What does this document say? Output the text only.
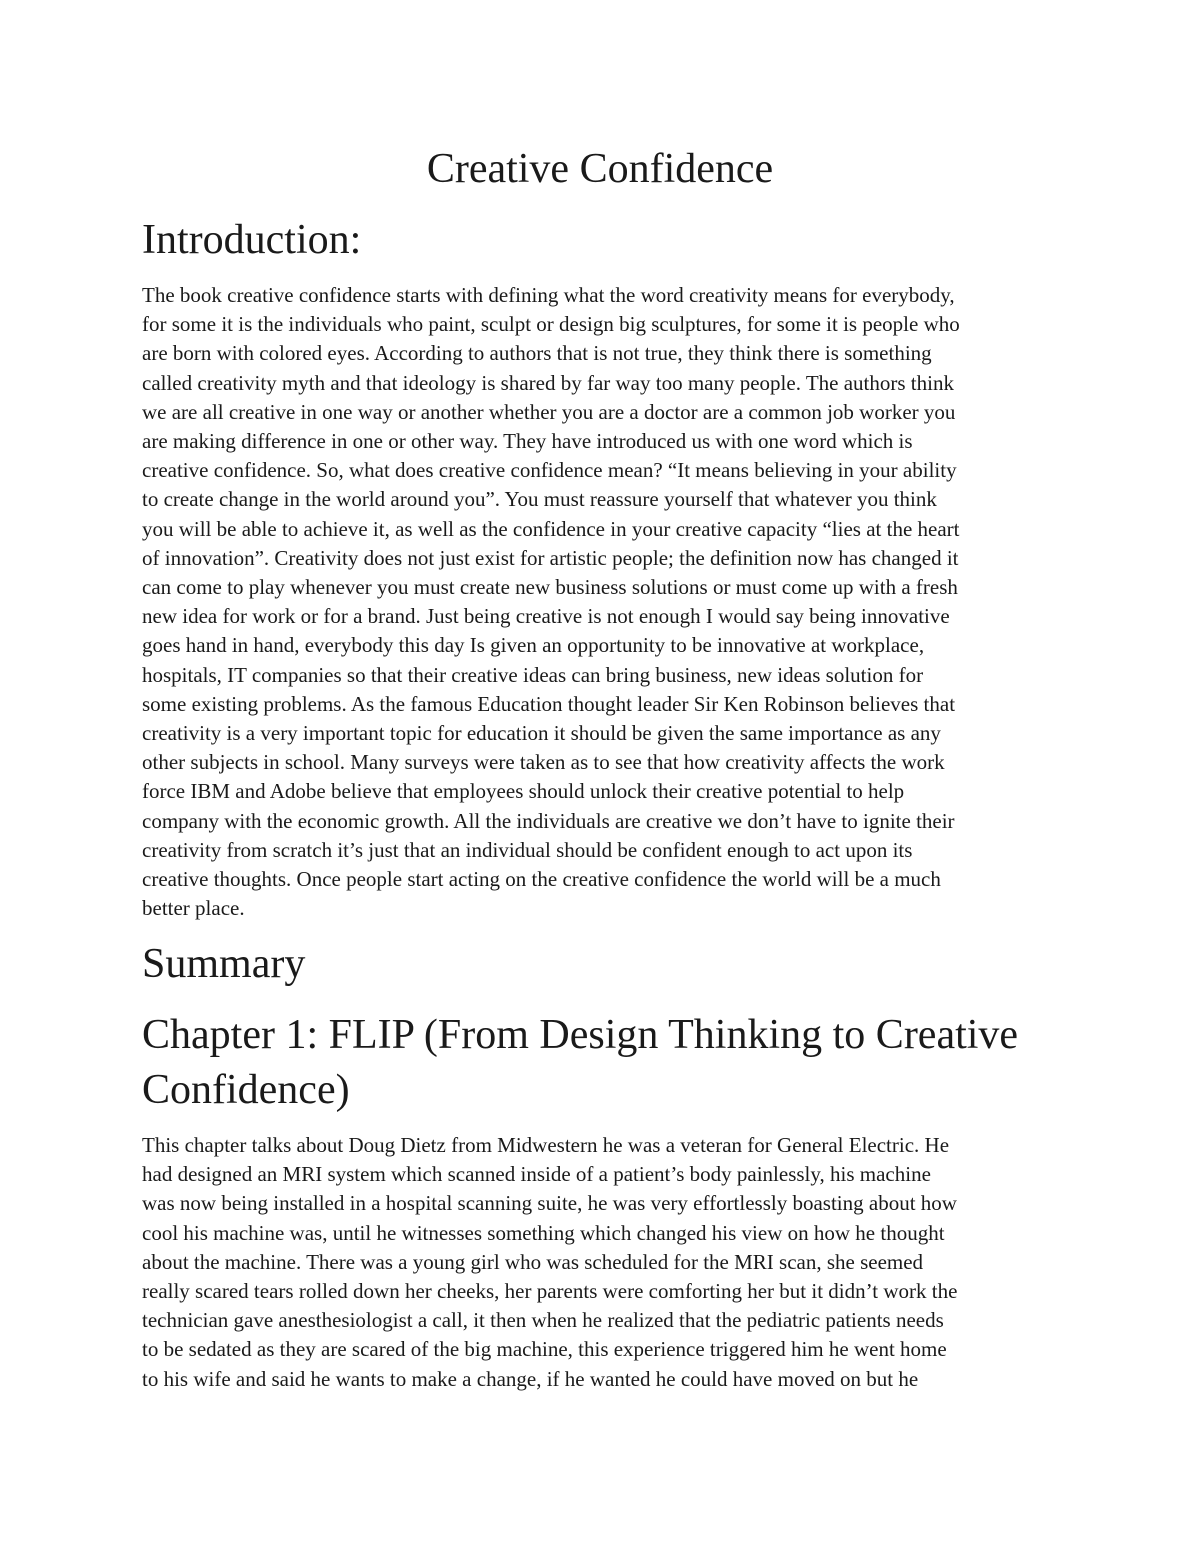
Creative Confidence
Introduction:

The book creative confidence starts with defining what the word creativity means for everybody,
for some it is the individuals who paint, sculpt or design big sculptures, for some it is people who
are born with colored eyes. According to authors that is not true, they think there is something
called creativity myth and that ideology is shared by far way too many people. The authors think
we are all creative in one way or another whether you are a doctor are a common job worker you
are making difference in one or other way. They have introduced us with one word which is
creative confidence. So, what does creative confidence mean? “It means believing in your ability
to create change in the world around you”. You must reassure yourself that whatever you think
you will be able to achieve it, as well as the confidence in your creative capacity “lies at the heart
of innovation”. Creativity does not just exist for artistic people; the definition now has changed it
can come to play whenever you must create new business solutions or must come up with a fresh
new idea for work or for a brand. Just being creative is not enough I would say being innovative
goes hand in hand, everybody this day Is given an opportunity to be innovative at workplace,
hospitals, IT companies so that their creative ideas can bring business, new ideas solution for
some existing problems. As the famous Education thought leader Sir Ken Robinson believes that
creativity is a very important topic for education it should be given the same importance as any
other subjects in school. Many surveys were taken as to see that how creativity affects the work
force IBM and Adobe believe that employees should unlock their creative potential to help
company with the economic growth. All the individuals are creative we don’t have to ignite their
creativity from scratch it’s just that an individual should be confident enough to act upon its
creative thoughts. Once people start acting on the creative confidence the world will be a much
better place.

Summary
Chapter 1: FLIP (From Design Thinking to Creative
Confidence)

This chapter talks about Doug Dietz from Midwestern he was a veteran for General Electric. He
had designed an MRI system which scanned inside of a patient’s body painlessly, his machine
was now being installed in a hospital scanning suite, he was very effortlessly boasting about how
cool his machine was, until he witnesses something which changed his view on how he thought
about the machine. There was a young girl who was scheduled for the MRI scan, she seemed
really scared tears rolled down her cheeks, her parents were comforting her but it didn’t work the
technician gave anesthesiologist a call, it then when he realized that the pediatric patients needs
to be sedated as they are scared of the big machine, this experience triggered him he went home
to his wife and said he wants to make a change, if he wanted he could have moved on but he
